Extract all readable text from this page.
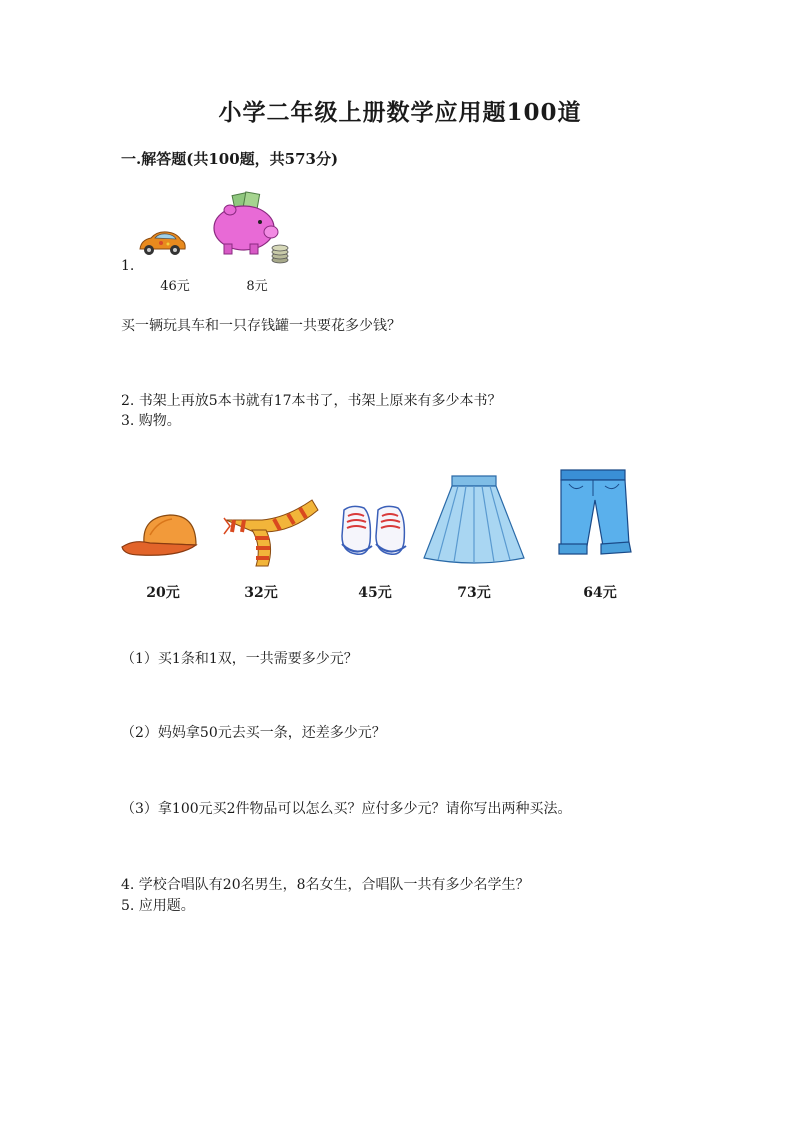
小学二年级上册数学应用题100道
一.解答题(共100题，共573分)
1.
46元	8元
买一辆玩具车和一只存钱罐一共要花多少钱？
2. 书架上再放5本书就有17本书了，书架上原来有多少本书？
3. 购物。
20元	32元	45元	73元	64元
（1）买1条和1双，一共需要多少元？
（2）妈妈拿50元去买一条，还差多少元？
（3）拿100元买2件物品可以怎么买？应付多少元？请你写出两种买法。
4. 学校合唱队有20名男生，8名女生，合唱队一共有多少名学生？
5. 应用题。
